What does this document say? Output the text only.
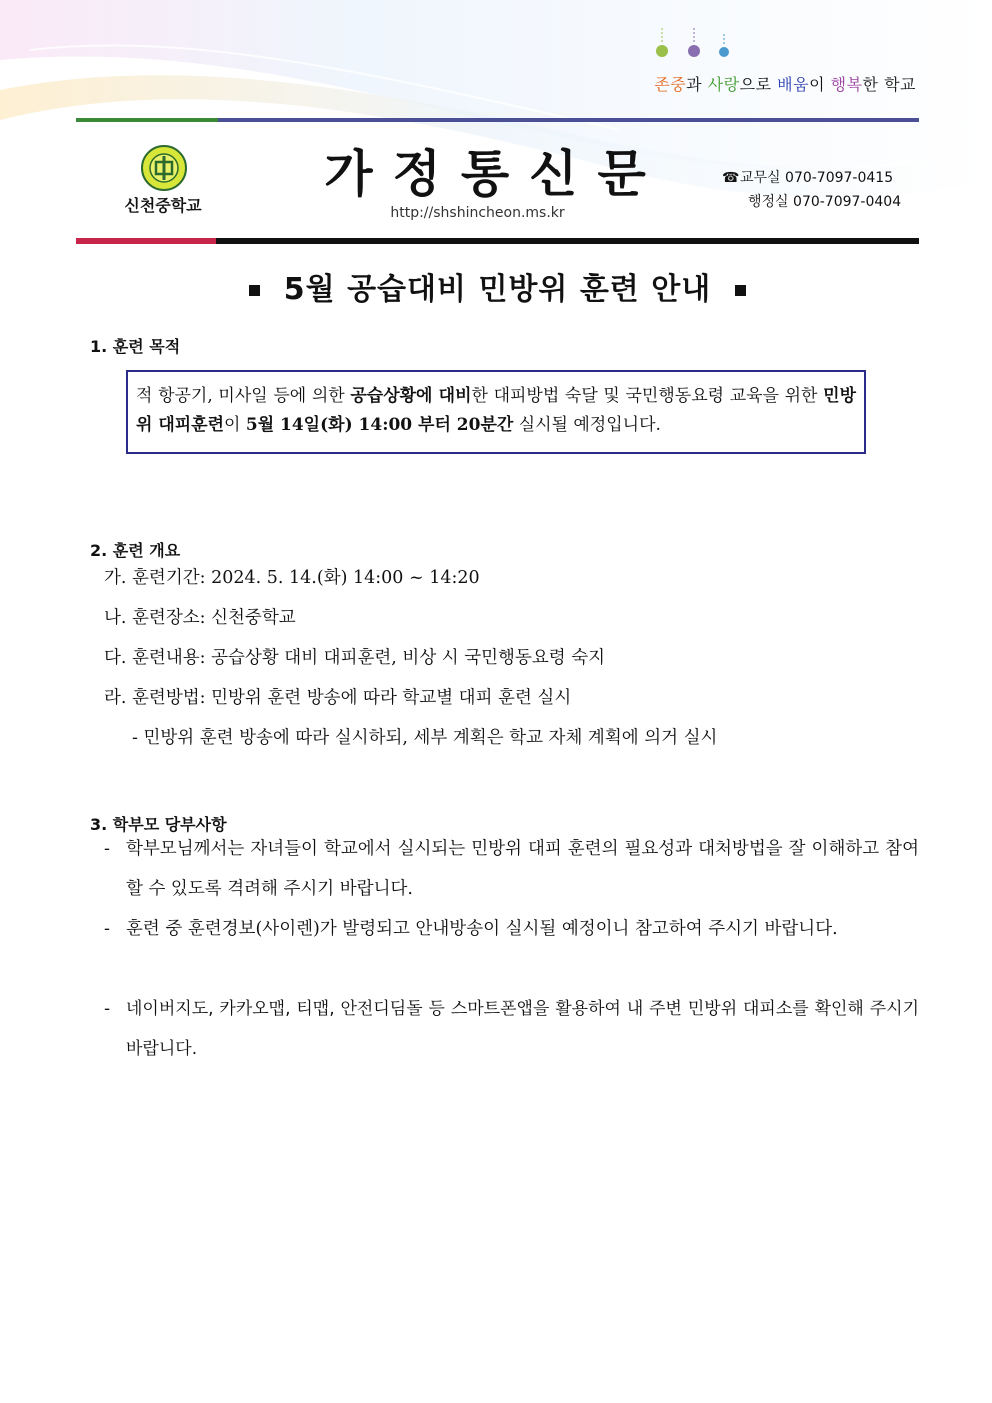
존중과 사랑으로 배움이 행복한 학교
신천중학교
가정통신문
http://shshincheon.ms.kr
☎교무실 070-7097-0415
행정실 070-7097-0404
5월 공습대비 민방위 훈련 안내
1. 훈련 목적
적 항공기, 미사일 등에 의한 공습상황에 대비한 대피방법 숙달 및 국민행동요령 교육을 위한 민방위 대피훈련이 5월 14일(화) 14:00 부터 20분간 실시될 예정입니다.
2. 훈련 개요
가. 훈련기간: 2024. 5. 14.(화) 14:00 ~ 14:20
나. 훈련장소: 신천중학교
다. 훈련내용: 공습상황 대비 대피훈련, 비상 시 국민행동요령 숙지
라. 훈련방법: 민방위 훈련 방송에 따라 학교별 대피 훈련 실시
- 민방위 훈련 방송에 따라 실시하되, 세부 계획은 학교 자체 계획에 의거 실시
3. 학부모 당부사항
- 학부모님께서는 자녀들이 학교에서 실시되는 민방위 대피 훈련의 필요성과 대처방법을 잘 이해하고 참여할 수 있도록 격려해 주시기 바랍니다.
- 훈련 중 훈련경보(사이렌)가 발령되고 안내방송이 실시될 예정이니 참고하여 주시기 바랍니다.
- 네이버지도, 카카오맵, 티맵, 안전디딤돌 등 스마트폰앱을 활용하여 내 주변 민방위 대피소를 확인해 주시기 바랍니다.
